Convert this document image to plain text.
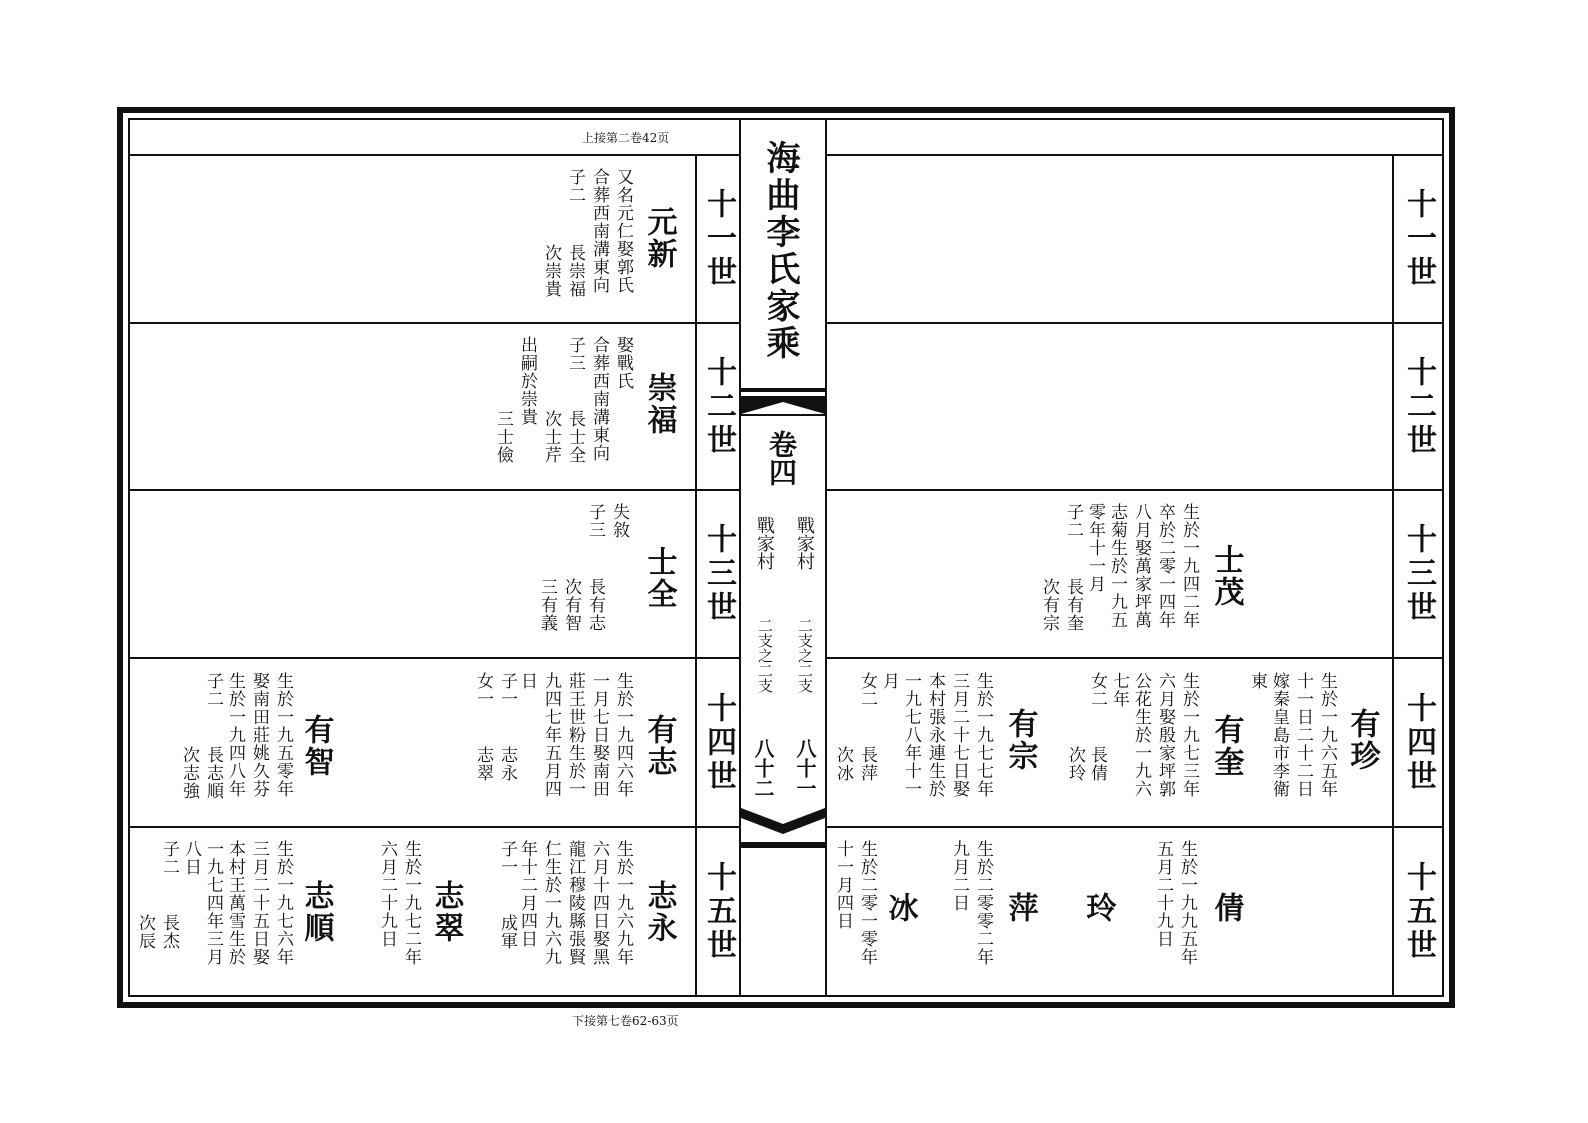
海曲李氏家乘
卷四
戰家村
戰家村
二支之二支
二支之二支
八十一
八十二
上接第二卷42页
下接第七卷62-63页
十一世
十二世
十三世
十四世
十五世
十一世
十二世
十三世
十四世
十五世
元新
又名元仁娶郭氏
合葬西南溝東向
子二
長崇福
次崇貴
崇福
娶戰氏
合葬西南溝東向
子三
長士全
次士芹
出嗣於崇貴
三士儉
士全
失敘
子三
長有志
次有智
三有義
有志
生於一九四六年
一月七日娶南田
莊王世粉生於一
九四七年五月四
日
子一
志永
女一
志翠
有智
生於一九五零年
娶南田莊姚久芬
生於一九四八年
子二
長志順
次志強
志永
生於一九六九年
六月十四日娶黑
龍江穆陵縣張賢
仁生於一九六九
年十二月四日
子一
成軍
志翠
生於一九七二年
六月二十九日
志順
生於一九七六年
三月二十五日娶
本村王萬雪生於
一九七四年三月
八日
子二
長杰
次辰
士茂
生於一九四二年
卒於二零一四年
八月娶萬家坪萬
志菊生於一九五
零年十一月
子二
長有奎
次有宗
有珍
生於一九六五年
十一日二十二日
嫁秦皇島市李衛
東
有奎
生於一九七三年
六月娶殷家坪郭
公花生於一九六
七年
女二
長倩
次玲
有宗
生於一九七七年
三月二十七日娶
本村張永連生於
一九七八年十一
月
女二
長萍
次冰
倩
生於一九九五年
五月二十九日
玲
萍
生於二零零二年
九月二日
冰
生於二零一零年
十一月四日
